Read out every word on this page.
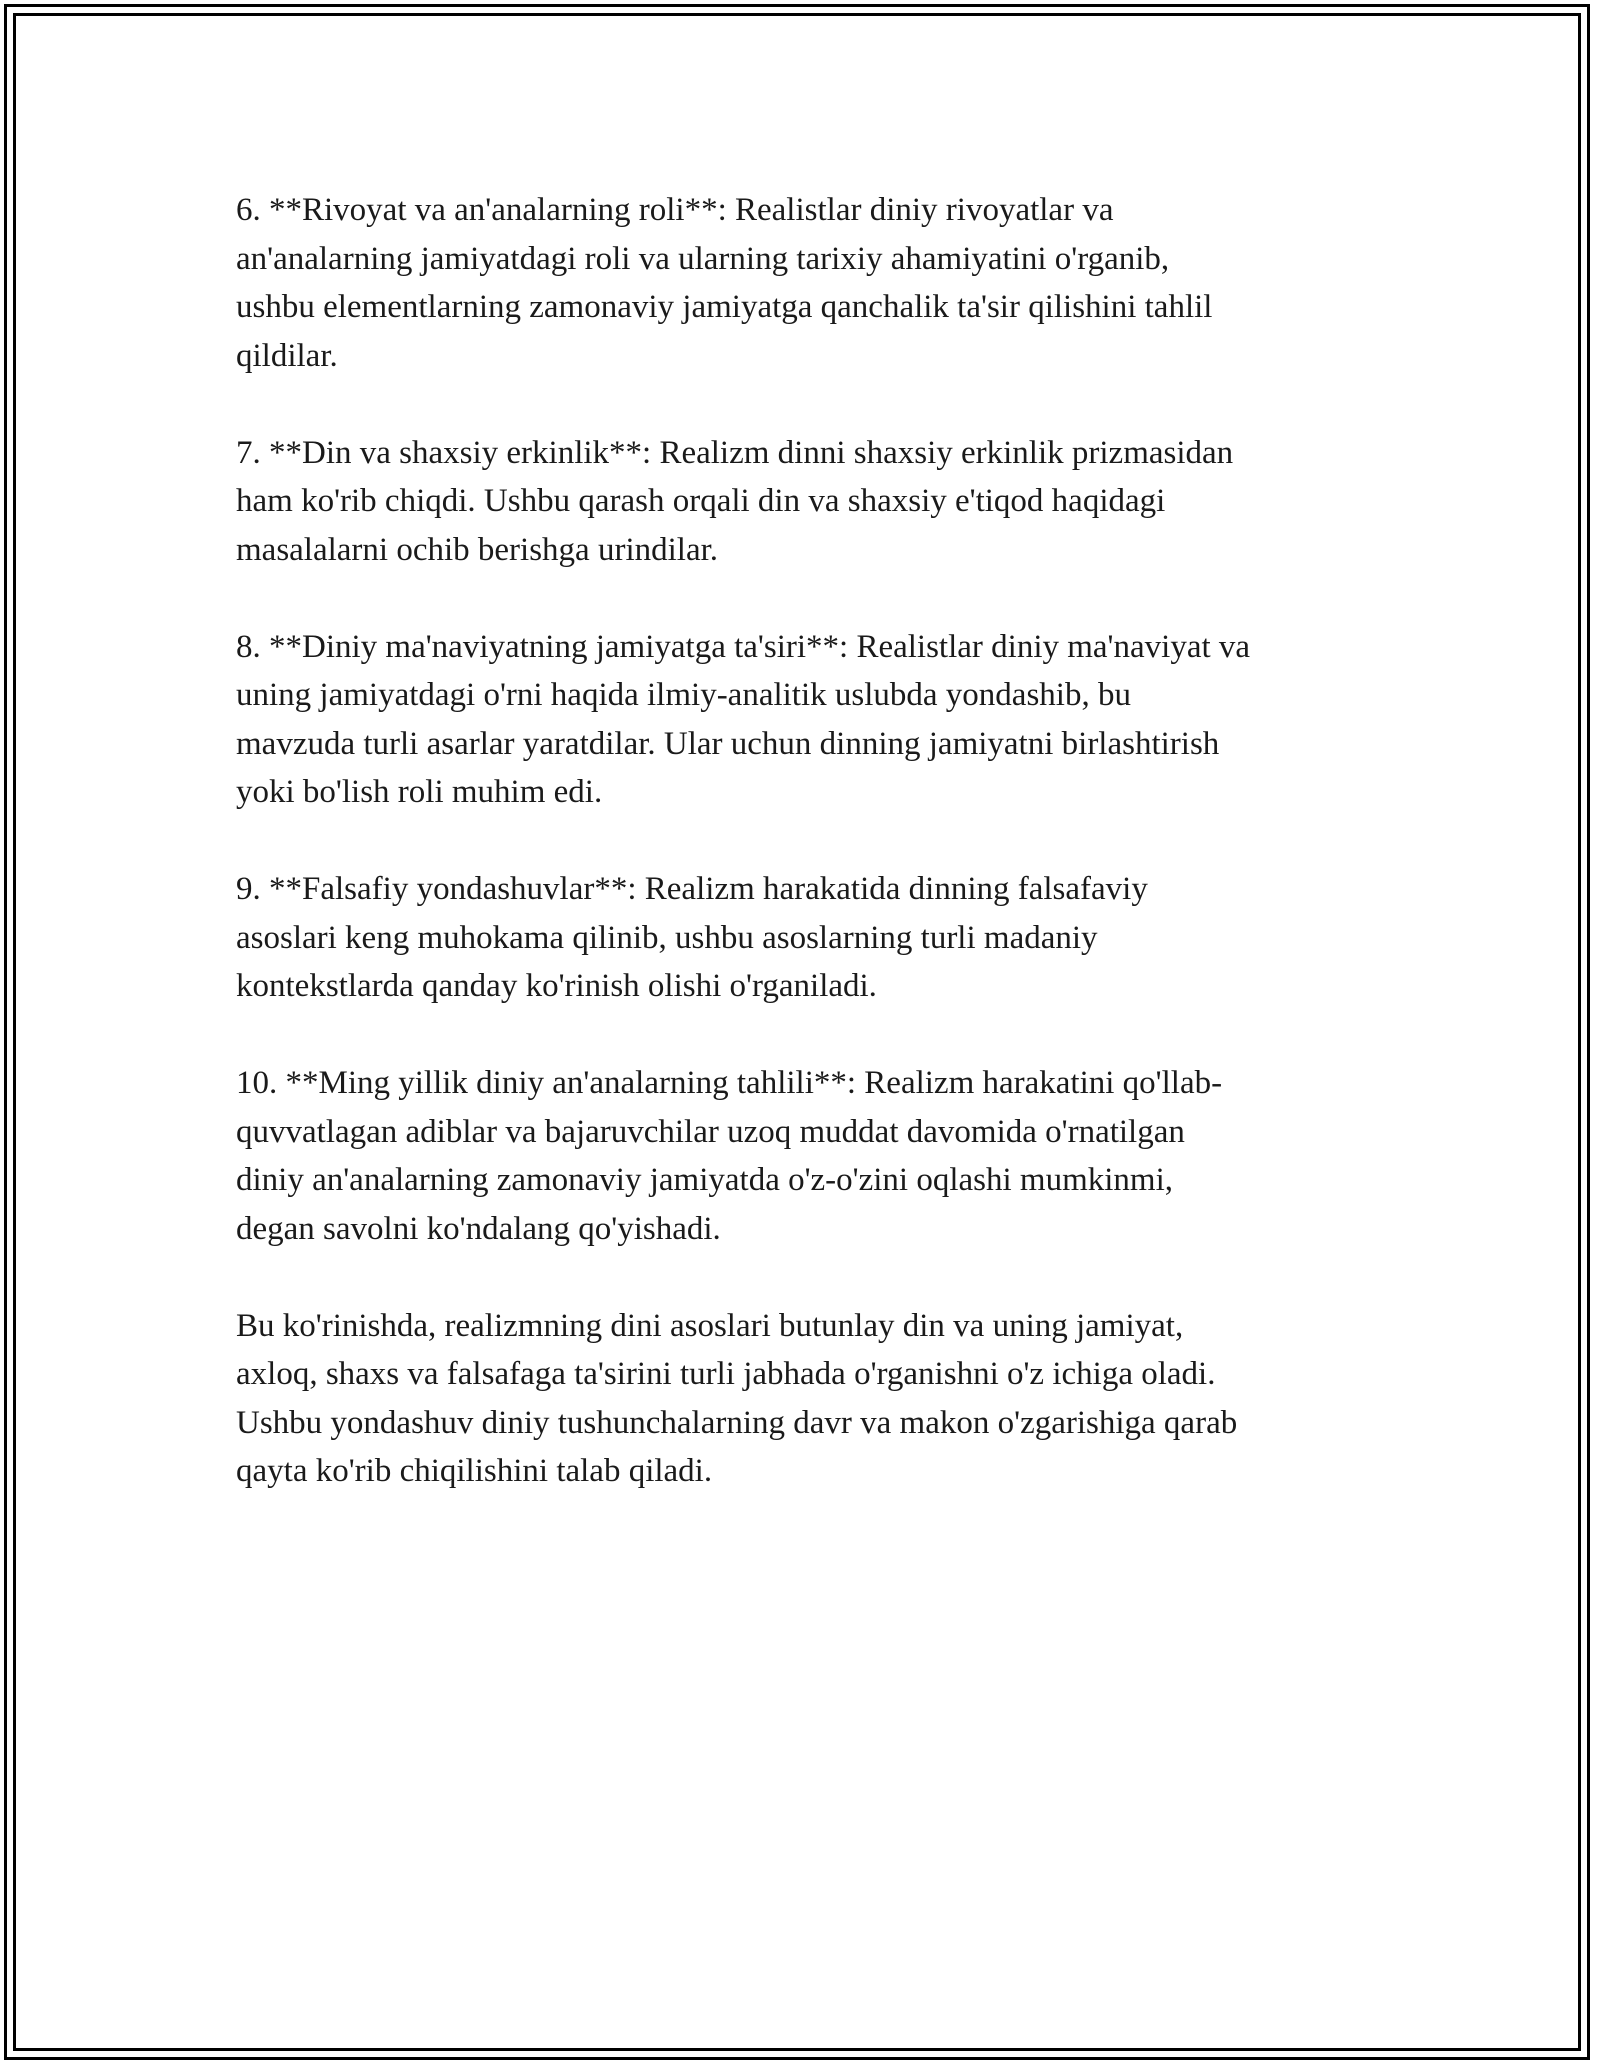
6. **Rivoyat va an'analarning roli**: Realistlar diniy rivoyatlar va
an'analarning jamiyatdagi roli va ularning tarixiy ahamiyatini o'rganib,
ushbu elementlarning zamonaviy jamiyatga qanchalik ta'sir qilishini tahlil
qildilar.

7. **Din va shaxsiy erkinlik**: Realizm dinni shaxsiy erkinlik prizmasidan
ham ko'rib chiqdi. Ushbu qarash orqali din va shaxsiy e'tiqod haqidagi
masalalarni ochib berishga urindilar.

8. **Diniy ma'naviyatning jamiyatga ta'siri**: Realistlar diniy ma'naviyat va
uning jamiyatdagi o'rni haqida ilmiy-analitik uslubda yondashib, bu
mavzuda turli asarlar yaratdilar. Ular uchun dinning jamiyatni birlashtirish
yoki bo'lish roli muhim edi.

9. **Falsafiy yondashuvlar**: Realizm harakatida dinning falsafaviy
asoslari keng muhokama qilinib, ushbu asoslarning turli madaniy
kontekstlarda qanday ko'rinish olishi o'rganiladi.

10. **Ming yillik diniy an'analarning tahlili**: Realizm harakatini qo'llab-
quvvatlagan adiblar va bajaruvchilar uzoq muddat davomida o'rnatilgan
diniy an'analarning zamonaviy jamiyatda o'z-o'zini oqlashi mumkinmi,
degan savolni ko'ndalang qo'yishadi.

Bu ko'rinishda, realizmning dini asoslari butunlay din va uning jamiyat,
axloq, shaxs va falsafaga ta'sirini turli jabhada o'rganishni o'z ichiga oladi.
Ushbu yondashuv diniy tushunchalarning davr va makon o'zgarishiga qarab
qayta ko'rib chiqilishini talab qiladi.
